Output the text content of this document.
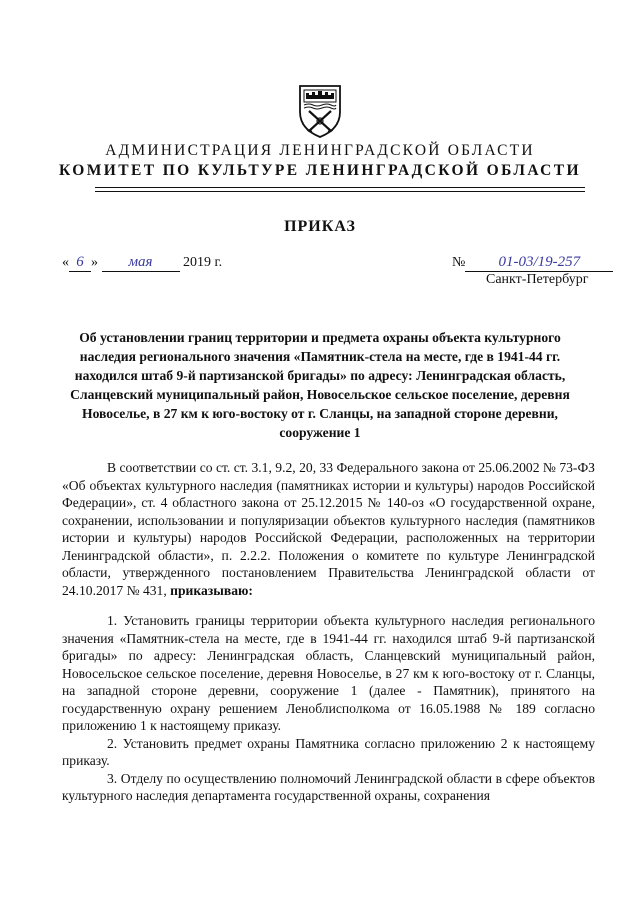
АДМИНИСТРАЦИЯ ЛЕНИНГРАДСКОЙ ОБЛАСТИ
КОМИТЕТ ПО КУЛЬТУРЕ ЛЕНИНГРАДСКОЙ ОБЛАСТИ
ПРИКАЗ
« 6 » мая 2019 г.	№ 01-03/19-257
Санкт-Петербург
Об установлении границ территории и предмета охраны объекта культурного наследия регионального значения «Памятник-стела на месте, где в 1941-44 гг. находился штаб 9-й партизанской бригады» по адресу: Ленинградская область, Сланцевский муниципальный район, Новосельское сельское поселение, деревня Новоселье, в 27 км к юго-востоку от г. Сланцы, на западной стороне деревни, сооружение 1

В соответствии со ст. ст. 3.1, 9.2, 20, 33 Федерального закона от 25.06.2002 № 73-ФЗ «Об объектах культурного наследия (памятниках истории и культуры) народов Российской Федерации», ст. 4 областного закона от 25.12.2015 № 140-оз «О государственной охране, сохранении, использовании и популяризации объектов культурного наследия (памятников истории и культуры) народов Российской Федерации, расположенных на территории Ленинградской области», п. 2.2.2. Положения о комитете по культуре Ленинградской области, утвержденного постановлением Правительства Ленинградской области от 24.10.2017 № 431, приказываю:

1. Установить границы территории объекта культурного наследия регионального значения «Памятник-стела на месте, где в 1941-44 гг. находился штаб 9-й партизанской бригады» по адресу: Ленинградская область, Сланцевский муниципальный район, Новосельское сельское поселение, деревня Новоселье, в 27 км к юго-востоку от г. Сланцы, на западной стороне деревни, сооружение 1 (далее - Памятник), принятого на государственную охрану решением Леноблисполкома от 16.05.1988 № 189 согласно приложению 1 к настоящему приказу.

2. Установить предмет охраны Памятника согласно приложению 2 к настоящему приказу.

3. Отделу по осуществлению полномочий Ленинградской области в сфере объектов культурного наследия департамента государственной охраны, сохранения
